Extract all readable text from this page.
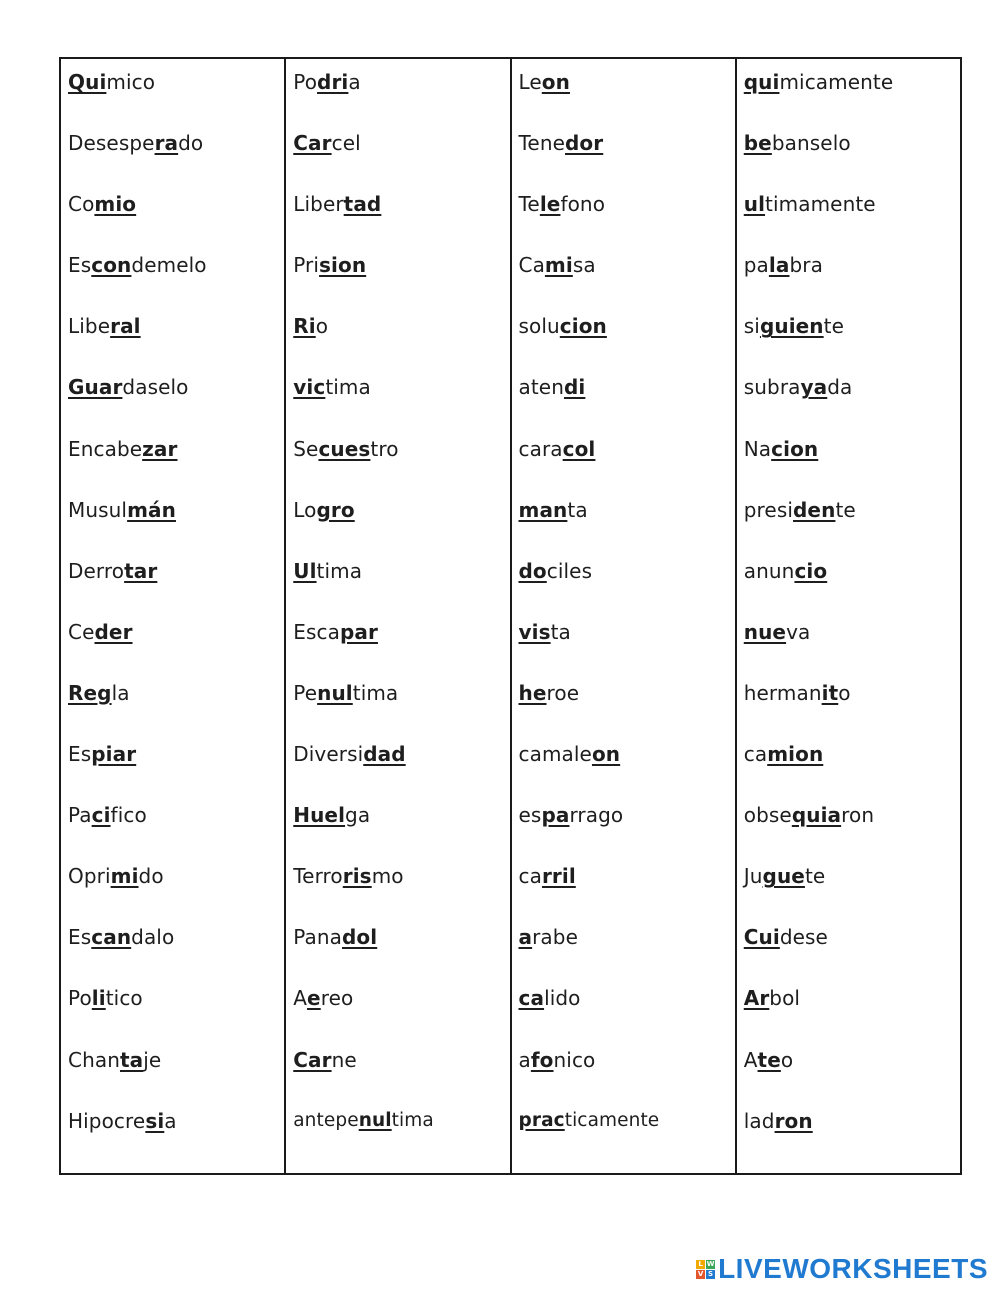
Quimico
Desesperado
Comio
Escondemelo
Liberal
Guardaselo
Encabezar
Musulmán
Derrotar
Ceder
Regla
Espiar
Pacifico
Oprimido
Escandalo
Politico
Chantaje
Hipocresia
Podria
Carcel
Libertad
Prision
Rio
victima
Secuestro
Logro
Ultima
Escapar
Penultima
Diversidad
Huelga
Terrorismo
Panadol
Aereo
Carne
antepenultima
Leon
Tenedor
Telefono
Camisa
solucion
atendi
caracol
manta
dociles
vista
heroe
camaleon
esparrago
carril
arabe
calido
afonico
practicamente
quimicamente
bebanselo
ultimamente
palabra
siguiente
subrayada
Nacion
presidente
anuncio
nueva
hermanito
camion
obsequiaron
Juguete
Cuidese
Arbol
Ateo
ladron
L W
V S LIVEWORKSHEETS
